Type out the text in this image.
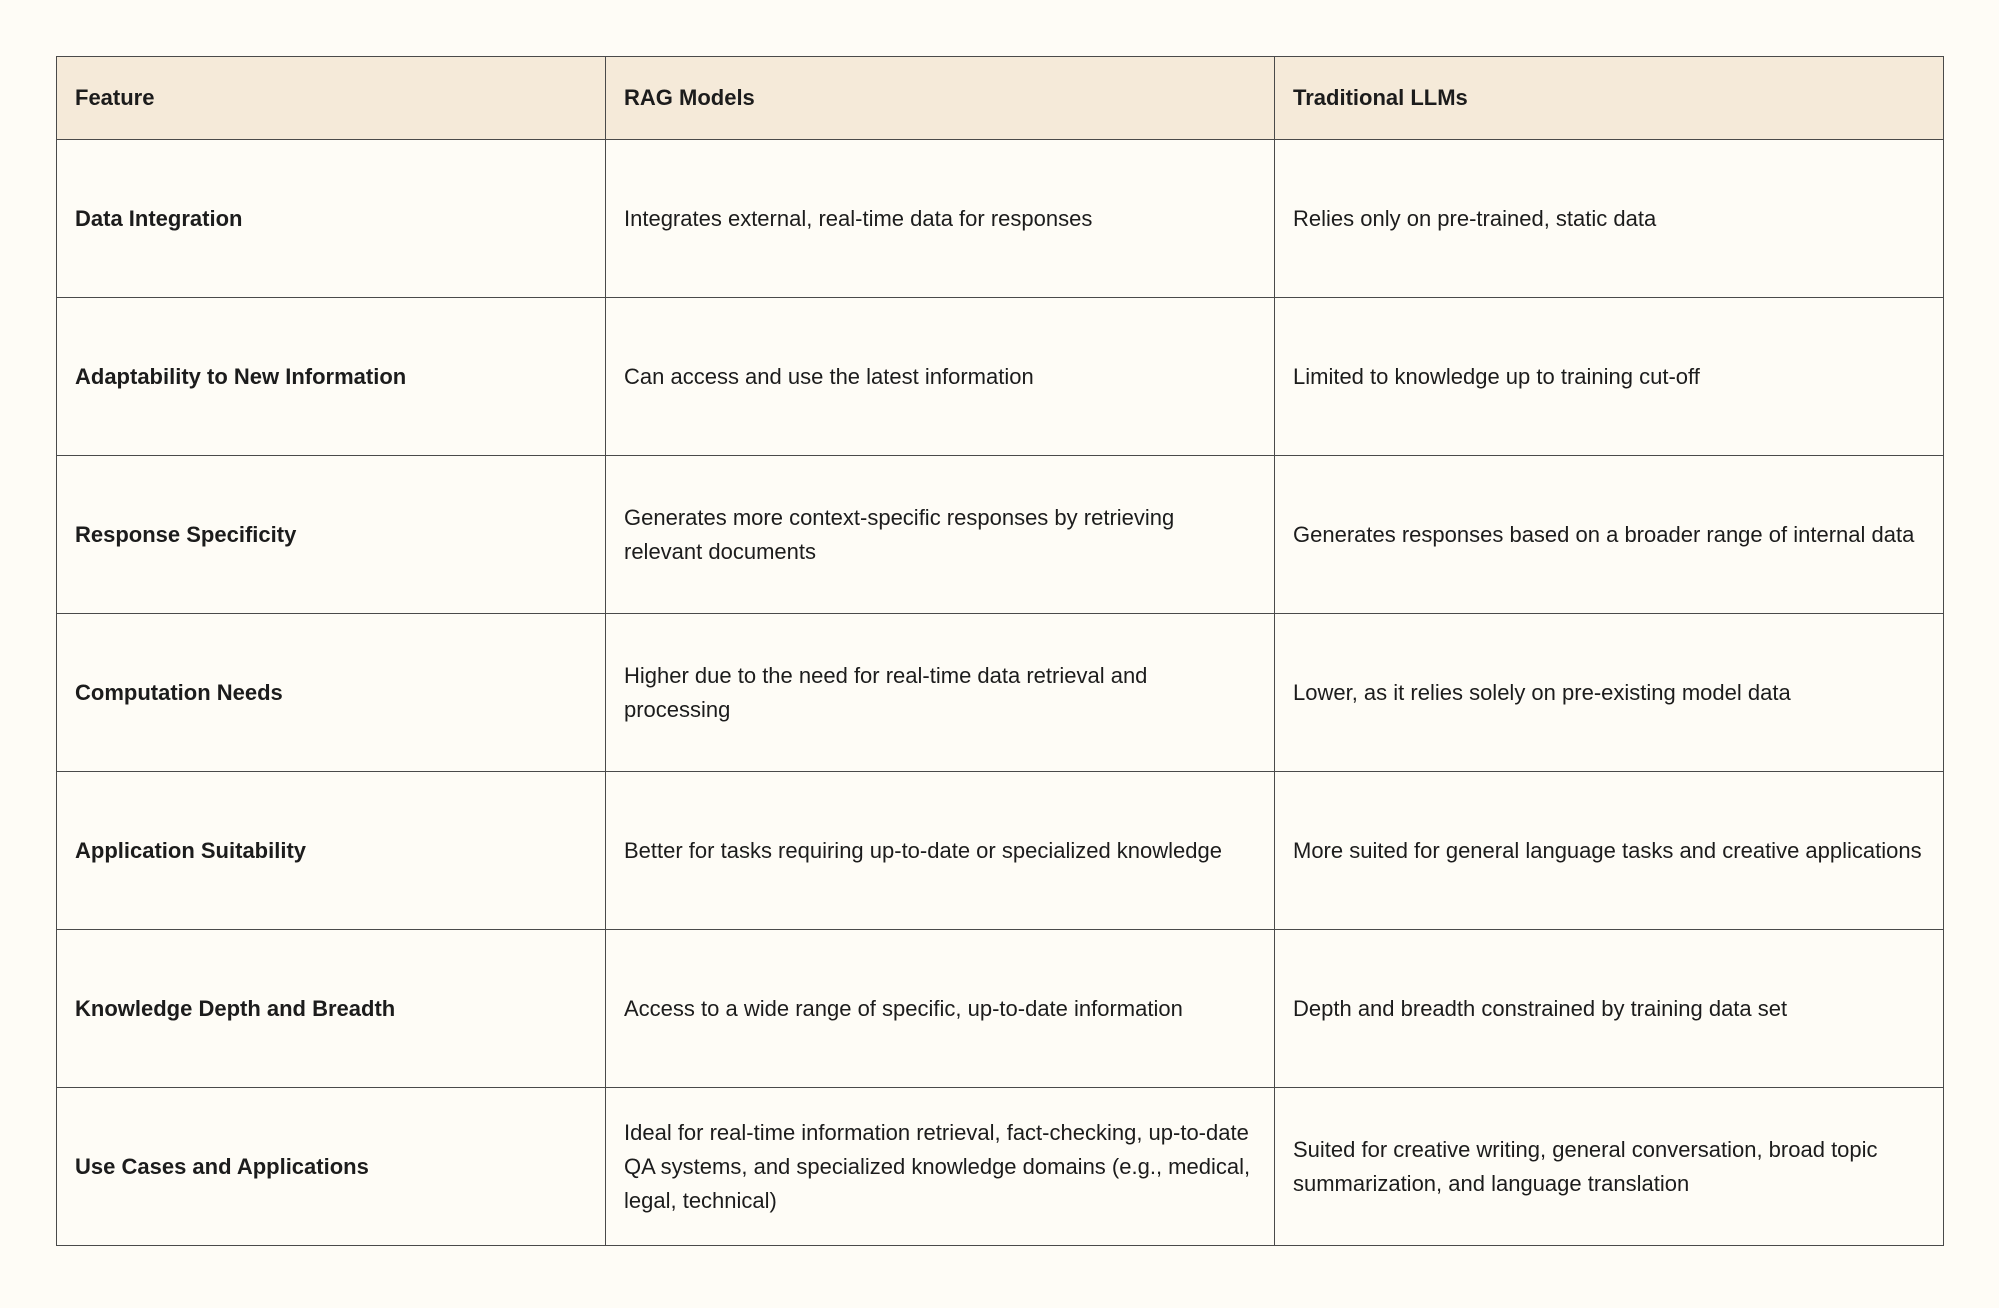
Feature	RAG Models	Traditional LLMs
Data Integration	Integrates external, real-time data for responses	Relies only on pre-trained, static data
Adaptability to New Information	Can access and use the latest information	Limited to knowledge up to training cut-off
Response Specificity	Generates more context-specific responses by retrieving relevant documents	Generates responses based on a broader range of internal data
Computation Needs	Higher due to the need for real-time data retrieval and processing	Lower, as it relies solely on pre-existing model data
Application Suitability	Better for tasks requiring up-to-date or specialized knowledge	More suited for general language tasks and creative applications
Knowledge Depth and Breadth	Access to a wide range of specific, up-to-date information	Depth and breadth constrained by training data set
Use Cases and Applications	Ideal for real-time information retrieval, fact-checking, up-to-date QA systems, and specialized knowledge domains (e.g., medical, legal, technical)	Suited for creative writing, general conversation, broad topic summarization, and language translation
